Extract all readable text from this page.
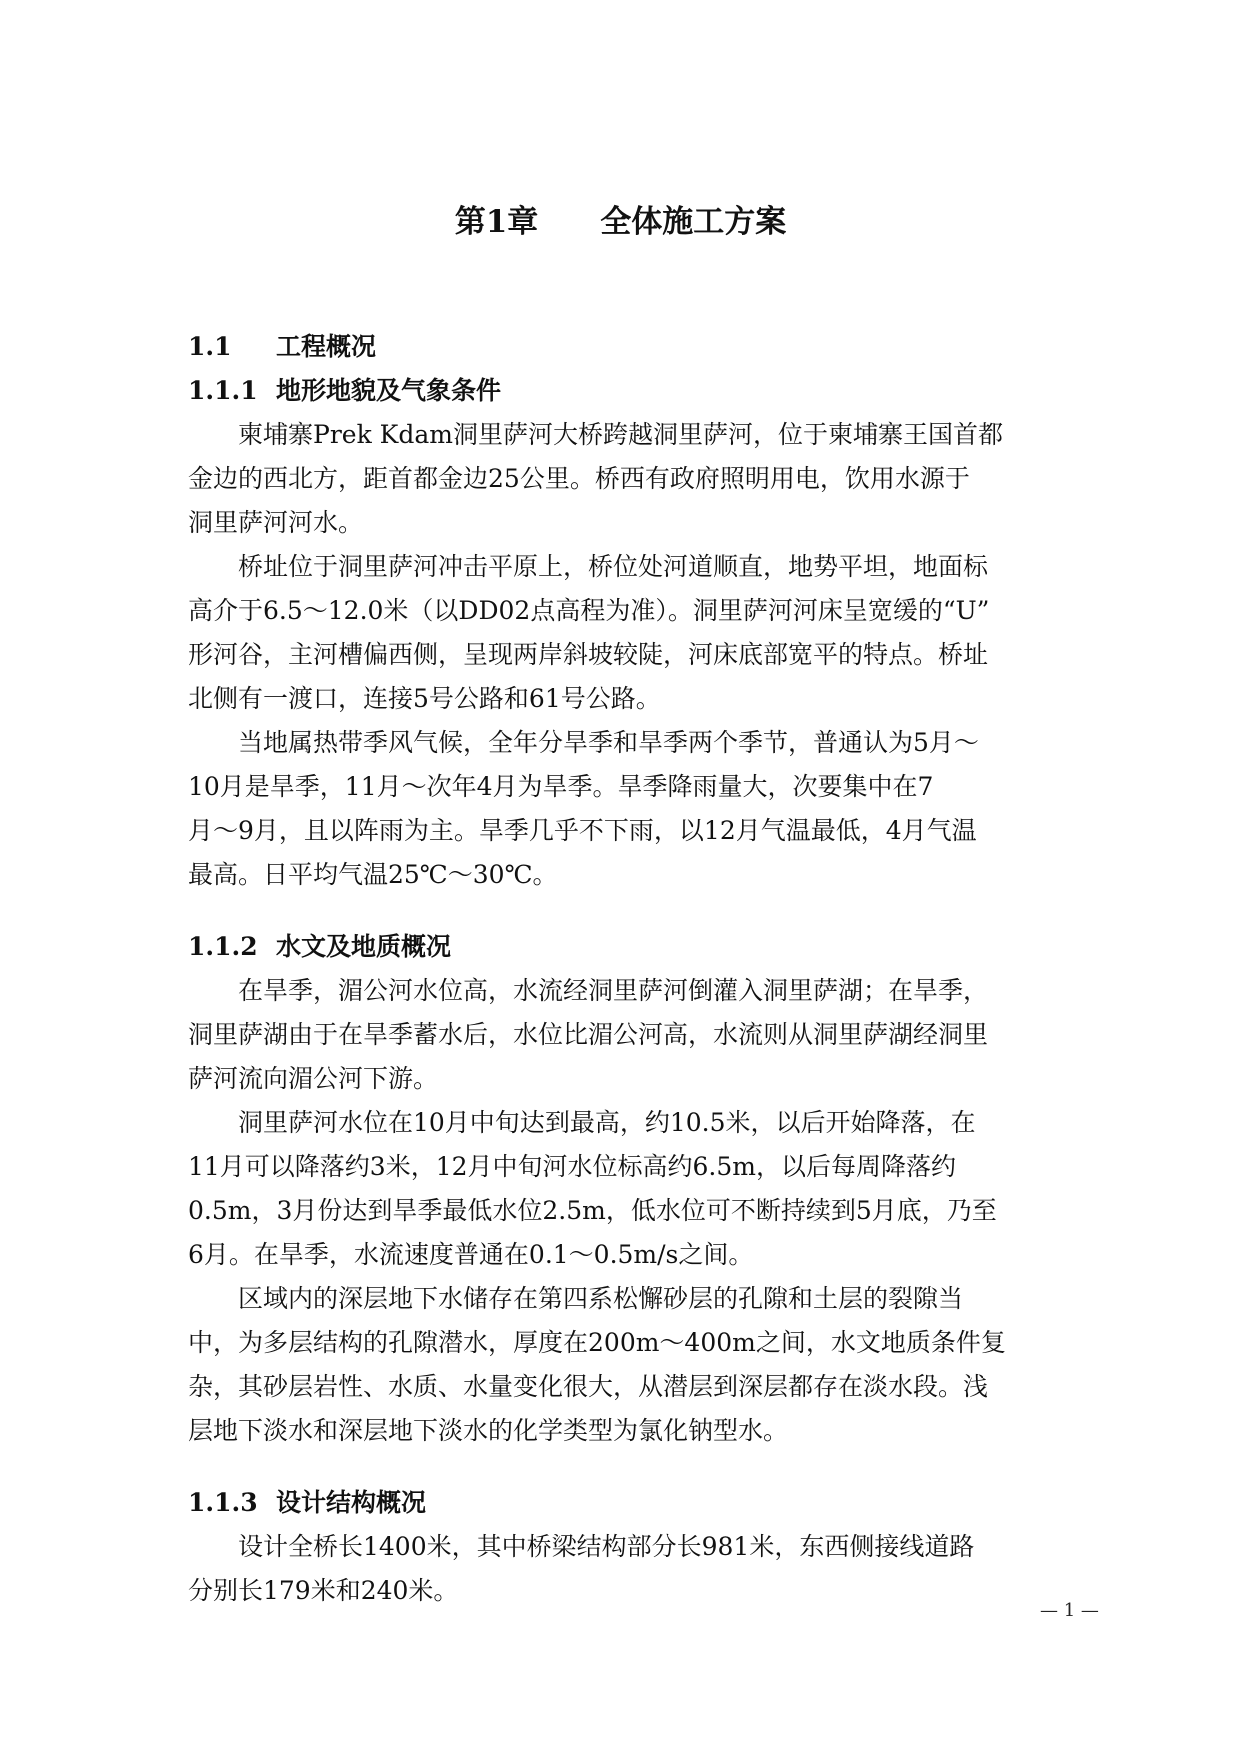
第1章　　全体施工方案
1.1 工程概况
1.1.1 地形地貌及气象条件

柬埔寨Prek Kdam洞里萨河大桥跨越洞里萨河，位于柬埔寨王国首都
金边的西北方，距首都金边25公里。桥西有政府照明用电，饮用水源于
洞里萨河河水。

桥址位于洞里萨河冲击平原上，桥位处河道顺直，地势平坦，地面标
高介于6.5～12.0米（以DD02点高程为准）。洞里萨河河床呈宽缓的“U”
形河谷，主河槽偏西侧，呈现两岸斜坡较陡，河床底部宽平的特点。桥址
北侧有一渡口，连接5号公路和61号公路。

当地属热带季风气候，全年分旱季和旱季两个季节，普通认为5月～
10月是旱季，11月～次年4月为旱季。旱季降雨量大，次要集中在7
月～9月，且以阵雨为主。旱季几乎不下雨，以12月气温最低，4月气温
最高。日平均气温25℃～30℃。

1.1.2 水文及地质概况

在旱季，湄公河水位高，水流经洞里萨河倒灌入洞里萨湖；在旱季，
洞里萨湖由于在旱季蓄水后，水位比湄公河高，水流则从洞里萨湖经洞里
萨河流向湄公河下游。

洞里萨河水位在10月中旬达到最高，约10.5米，以后开始降落，在
11月可以降落约3米，12月中旬河水位标高约6.5m，以后每周降落约
0.5m，3月份达到旱季最低水位2.5m，低水位可不断持续到5月底，乃至
6月。在旱季，水流速度普通在0.1～0.5m/s之间。

区域内的深层地下水储存在第四系松懈砂层的孔隙和土层的裂隙当
中，为多层结构的孔隙潜水，厚度在200m～400m之间，水文地质条件复
杂，其砂层岩性、水质、水量变化很大，从潜层到深层都存在淡水段。浅
层地下淡水和深层地下淡水的化学类型为氯化钠型水。

1.1.3 设计结构概况

设计全桥长1400米，其中桥梁结构部分长981米，东西侧接线道路
分别长179米和240米。

— 1 —
